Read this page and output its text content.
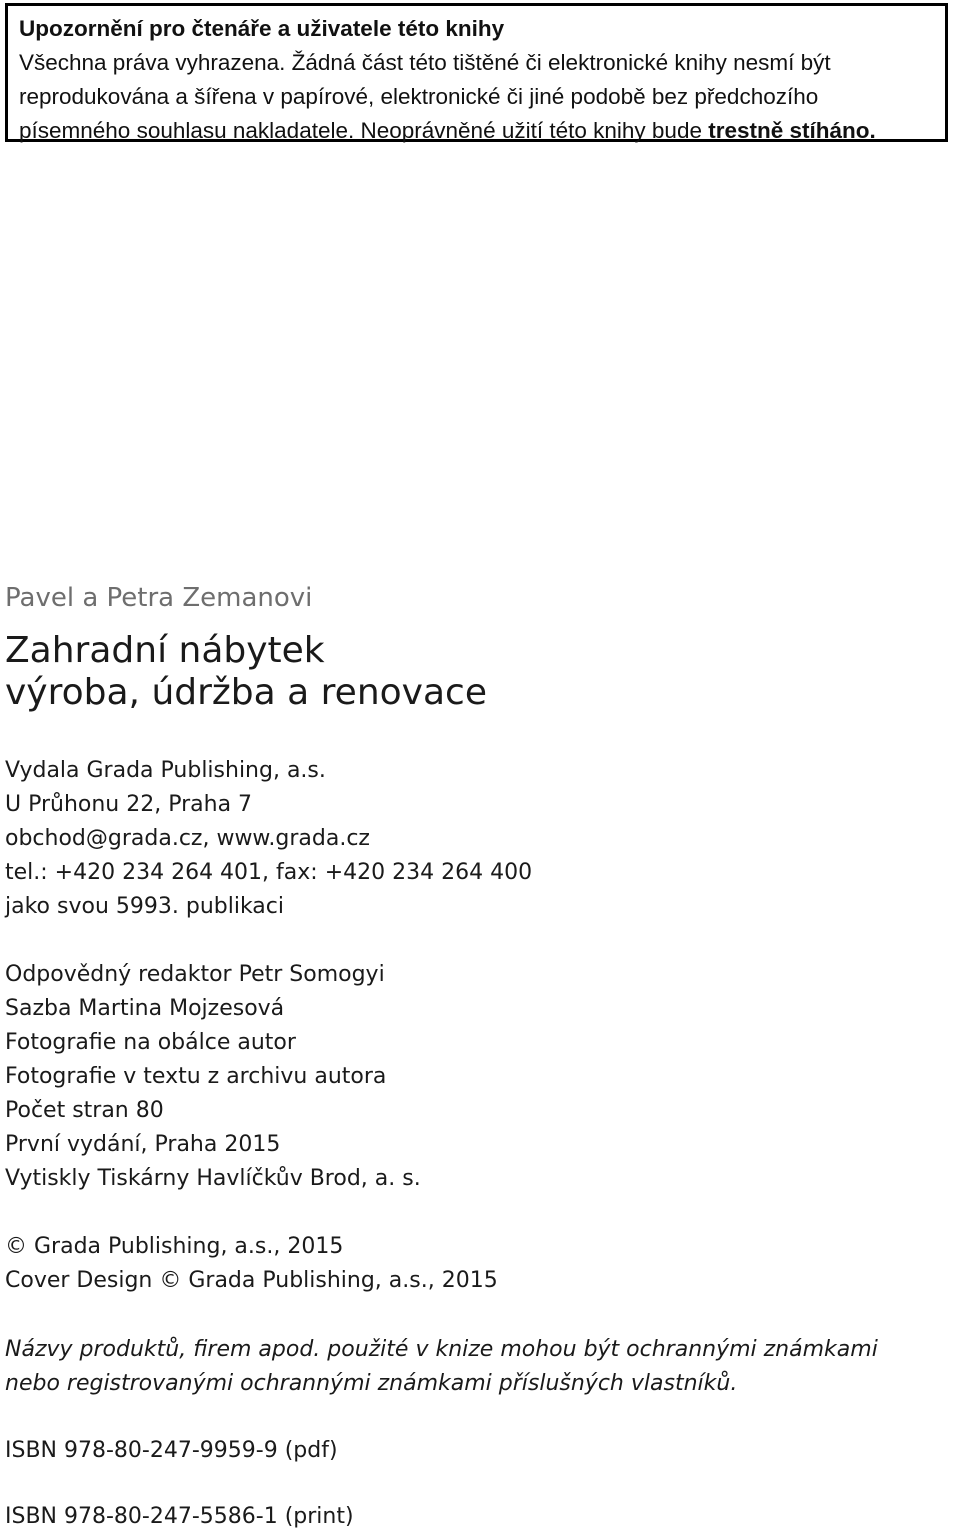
Upozornění pro čtenáře a uživatele této knihy
Všechna práva vyhrazena. Žádná část této tištěné či elektronické knihy nesmí být
reprodukována a šířena v papírové, elektronické či jiné podobě bez předchozího
písemného souhlasu nakladatele. Neoprávněné užití této knihy bude trestně stíháno.
Pavel a Petra Zemanovi
Zahradní nábytek
výroba, údržba a renovace
Vydala Grada Publishing, a.s.
U Průhonu 22, Praha 7
obchod@grada.cz, www.grada.cz
tel.: +420 234 264 401, fax: +420 234 264 400
jako svou 5993. publikaci
Odpovědný redaktor Petr Somogyi
Sazba Martina Mojzesová
Fotografie na obálce autor
Fotografie v textu z archivu autora
Počet stran 80
První vydání, Praha 2015
Vytiskly Tiskárny Havlíčkův Brod, a. s.
© Grada Publishing, a.s., 2015
Cover Design © Grada Publishing, a.s., 2015
Názvy produktů, firem apod. použité v knize mohou být ochrannými známkami
nebo registrovanými ochrannými známkami příslušných vlastníků.
ISBN 978-80-247-9959-9 (pdf)
ISBN 978-80-247-5586-1 (print)
